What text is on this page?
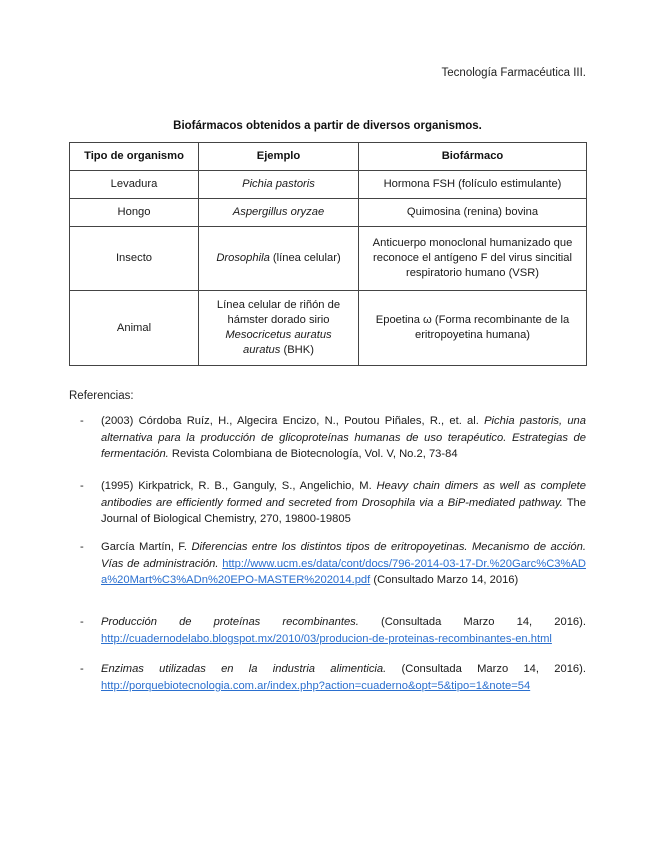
Tecnología Farmacéutica III.
Biofármacos obtenidos a partir de diversos organismos.
Tipo de organismo	Ejemplo	Biofármaco
Levadura	Pichia pastoris	Hormona FSH (folículo estimulante)
Hongo	Aspergillus oryzae	Quimosina (renina) bovina
Insecto	Drosophila (línea celular)	Anticuerpo monoclonal humanizado que reconoce el antígeno F del virus sincitial respiratorio humano (VSR)
Animal	Línea celular de riñón de hámster dorado sirio Mesocricetus auratus auratus (BHK)	Epoetina ω (Forma recombinante de la eritropoyetina humana)
Referencias:
- (2003) Córdoba Ruíz, H., Algecira Encizo, N., Poutou Piñales, R., et. al. Pichia pastoris, una alternativa para la producción de glicoproteínas humanas de uso terapéutico. Estrategias de fermentación. Revista Colombiana de Biotecnología, Vol. V, No.2, 73-84
- (1995) Kirkpatrick, R. B., Ganguly, S., Angelichio, M. Heavy chain dimers as well as complete antibodies are efficiently formed and secreted from Drosophila via a BiP-mediated pathway. The Journal of Biological Chemistry, 270, 19800-19805
- García Martín, F. Diferencias entre los distintos tipos de eritropoyetinas. Mecanismo de acción. Vías de administración. http://www.ucm.es/data/cont/docs/796-2014-03-17-Dr.%20Garc%C3%ADa%20Mart%C3%ADn%20EPO-MASTER%202014.pdf (Consultado Marzo 14, 2016)
- Producción de proteínas recombinantes. (Consultada Marzo 14, 2016).
http://cuadernodelabo.blogspot.mx/2010/03/producion-de-proteinas-recombinantes-en.html
- Enzimas utilizadas en la industria alimenticia. (Consultada Marzo 14, 2016).
http://porquebiotecnologia.com.ar/index.php?action=cuaderno&opt=5&tipo=1&note=54
